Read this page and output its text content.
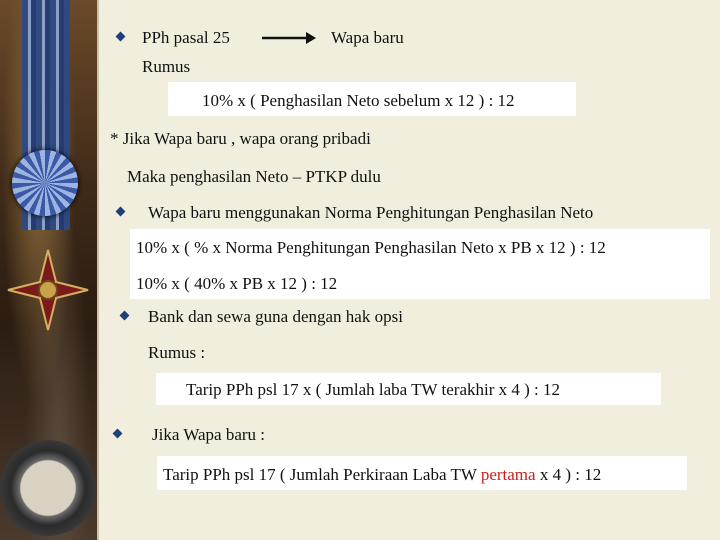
PPh pasal 25	Wapa baru
Rumus
10% x ( Penghasilan Neto sebelum x 12 ) : 12
* Jika Wapa baru , wapa orang pribadi
Maka penghasilan Neto – PTKP dulu
Wapa baru menggunakan Norma Penghitungan Penghasilan Neto
10% x ( % x Norma Penghitungan Penghasilan Neto x PB x 12 ) : 12
10% x ( 40% x PB x 12 ) : 12
Bank dan sewa guna dengan hak opsi
Rumus :
Tarip PPh psl 17 x ( Jumlah laba TW terakhir x 4 ) : 12
Jika Wapa baru :
Tarip PPh psl 17 ( Jumlah Perkiraan Laba TW pertama x 4 ) : 12
